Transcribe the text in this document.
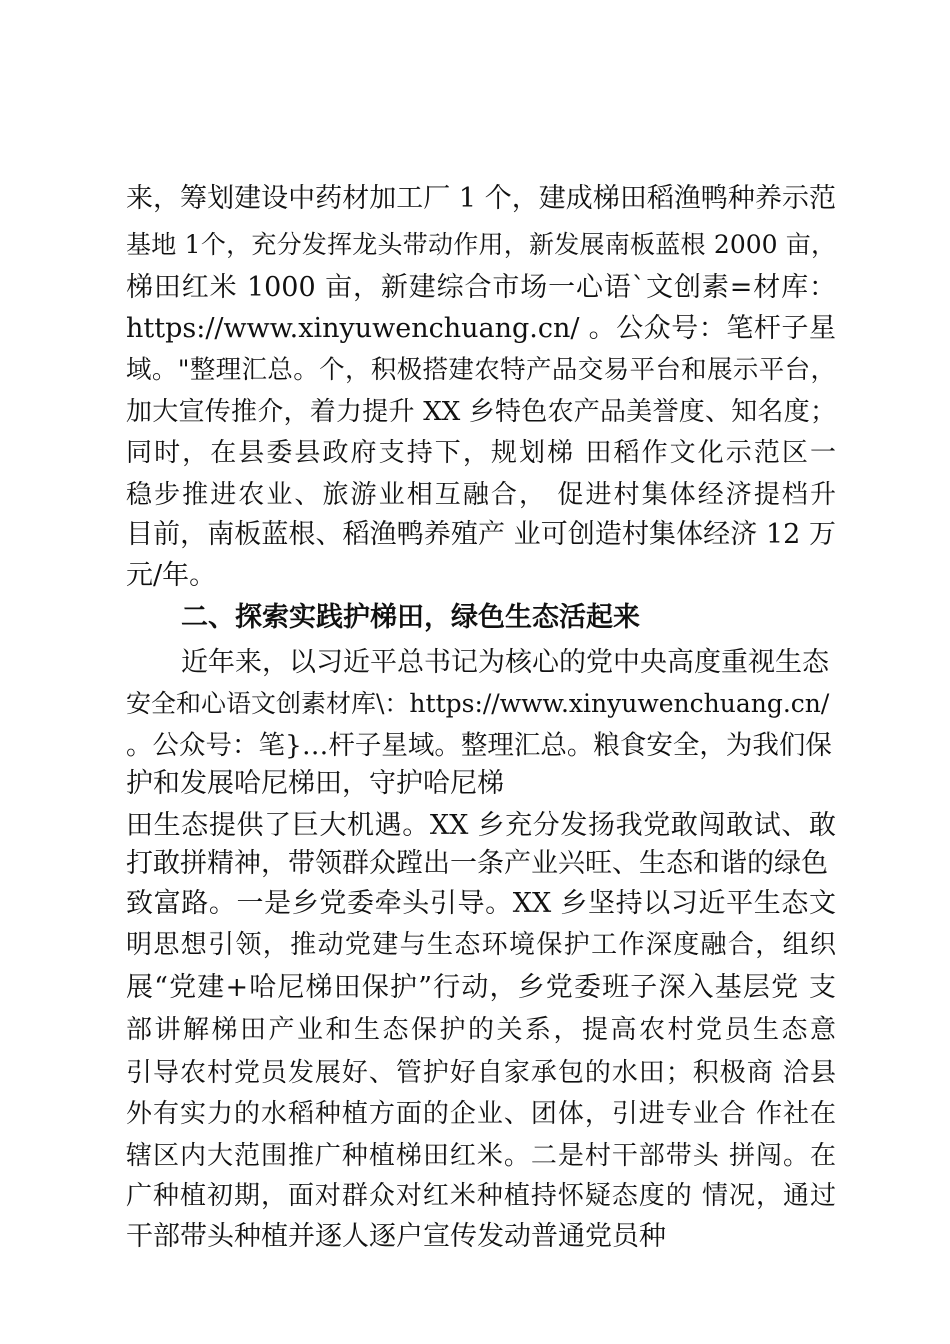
来，筹划建设中药材加工厂 1 个，建成梯田稻渔鸭种养示范

基地 1个，充分发挥龙头带动作用，新发展南板蓝根 2000 亩，

梯田红米 1000 亩，新建综合市场一心语`文创素=材库：

https://www.xinyuwenchuang.cn/ 。公众号：笔杆子星

域。"整理汇总。个，积极搭建农特产品交易平台和展示平台，

加大宣传推介，着力提升 XX 乡特色农产品美誉度、知名度；

同时，在县委县政府支持下，规划梯 田稻作文化示范区一

稳步推进农业、旅游业相互融合， 促进村集体经济提档升

目前，南板蓝根、稻渔鸭养殖产 业可创造村集体经济 12 万

元/年。

二、探索实践护梯田，绿色生态活起来

近年来，以习近平总书记为核心的党中央高度重视生态

安全和心语文创素材库\：https://www.xinyuwenchuang.cn/

。公众号：笔}…杆子星域。整理汇总。粮食安全，为我们保

护和发展哈尼梯田，守护哈尼梯

田生态提供了巨大机遇。XX 乡充分发扬我党敢闯敢试、敢

打敢拼精神，带领群众蹚出一条产业兴旺、生态和谐的绿色

致富路。一是乡党委牵头引导。XX 乡坚持以习近平生态文

明思想引领，推动党建与生态环境保护工作深度融合，组织

展“党建+哈尼梯田保护”行动，乡党委班子深入基层党 支

部讲解梯田产业和生态保护的关系，提高农村党员生态意

引导农村党员发展好、管护好自家承包的水田；积极商 洽县

外有实力的水稻种植方面的企业、团体，引进专业合 作社在

辖区内大范围推广种植梯田红米。二是村干部带头 拼闯。在

广种植初期，面对群众对红米种植持怀疑态度的 情况，通过

干部带头种植并逐人逐户宣传发动普通党员种
